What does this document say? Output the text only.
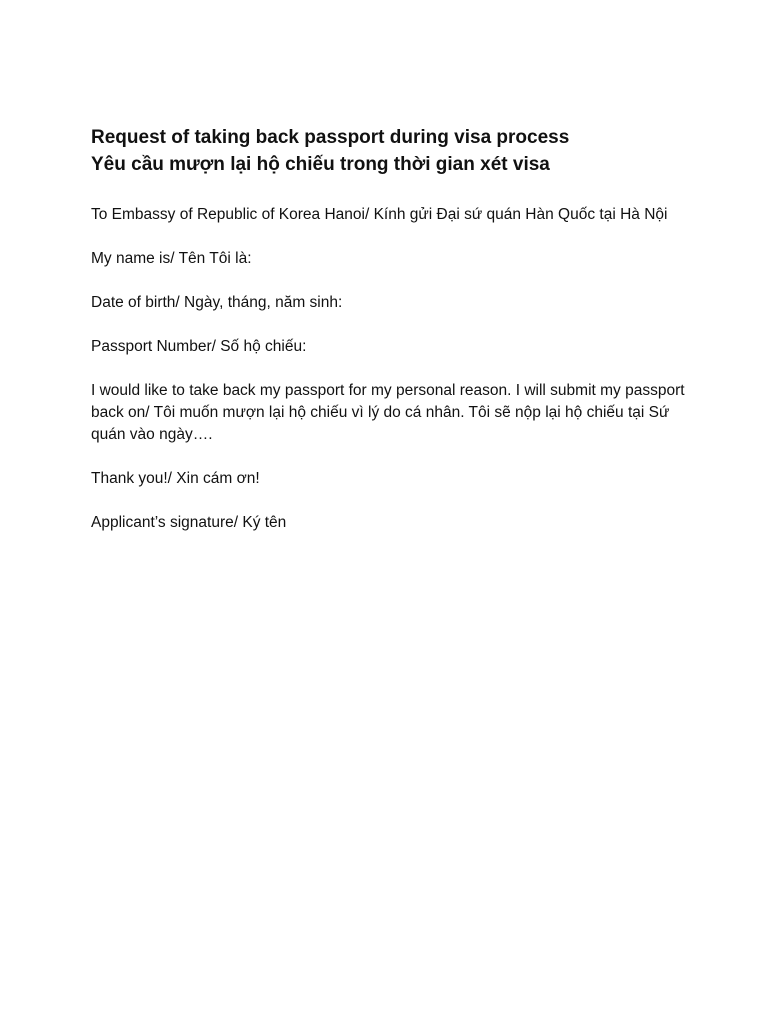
Request of taking back passport during visa process
Yêu cầu mượn lại hộ chiếu trong thời gian xét visa

To Embassy of Republic of Korea Hanoi/ Kính gửi Đại sứ quán Hàn Quốc tại Hà Nội

My name is/ Tên Tôi là:

Date of birth/ Ngày, tháng, năm sinh:

Passport Number/ Số hộ chiếu:

I would like to take back my passport for my personal reason. I will submit my passport back on/ Tôi muốn mượn lại hộ chiếu vì lý do cá nhân. Tôi sẽ nộp lại hộ chiếu tại Sứ quán vào ngày….

Thank you!/ Xin cám ơn!

Applicant’s signature/ Ký tên
